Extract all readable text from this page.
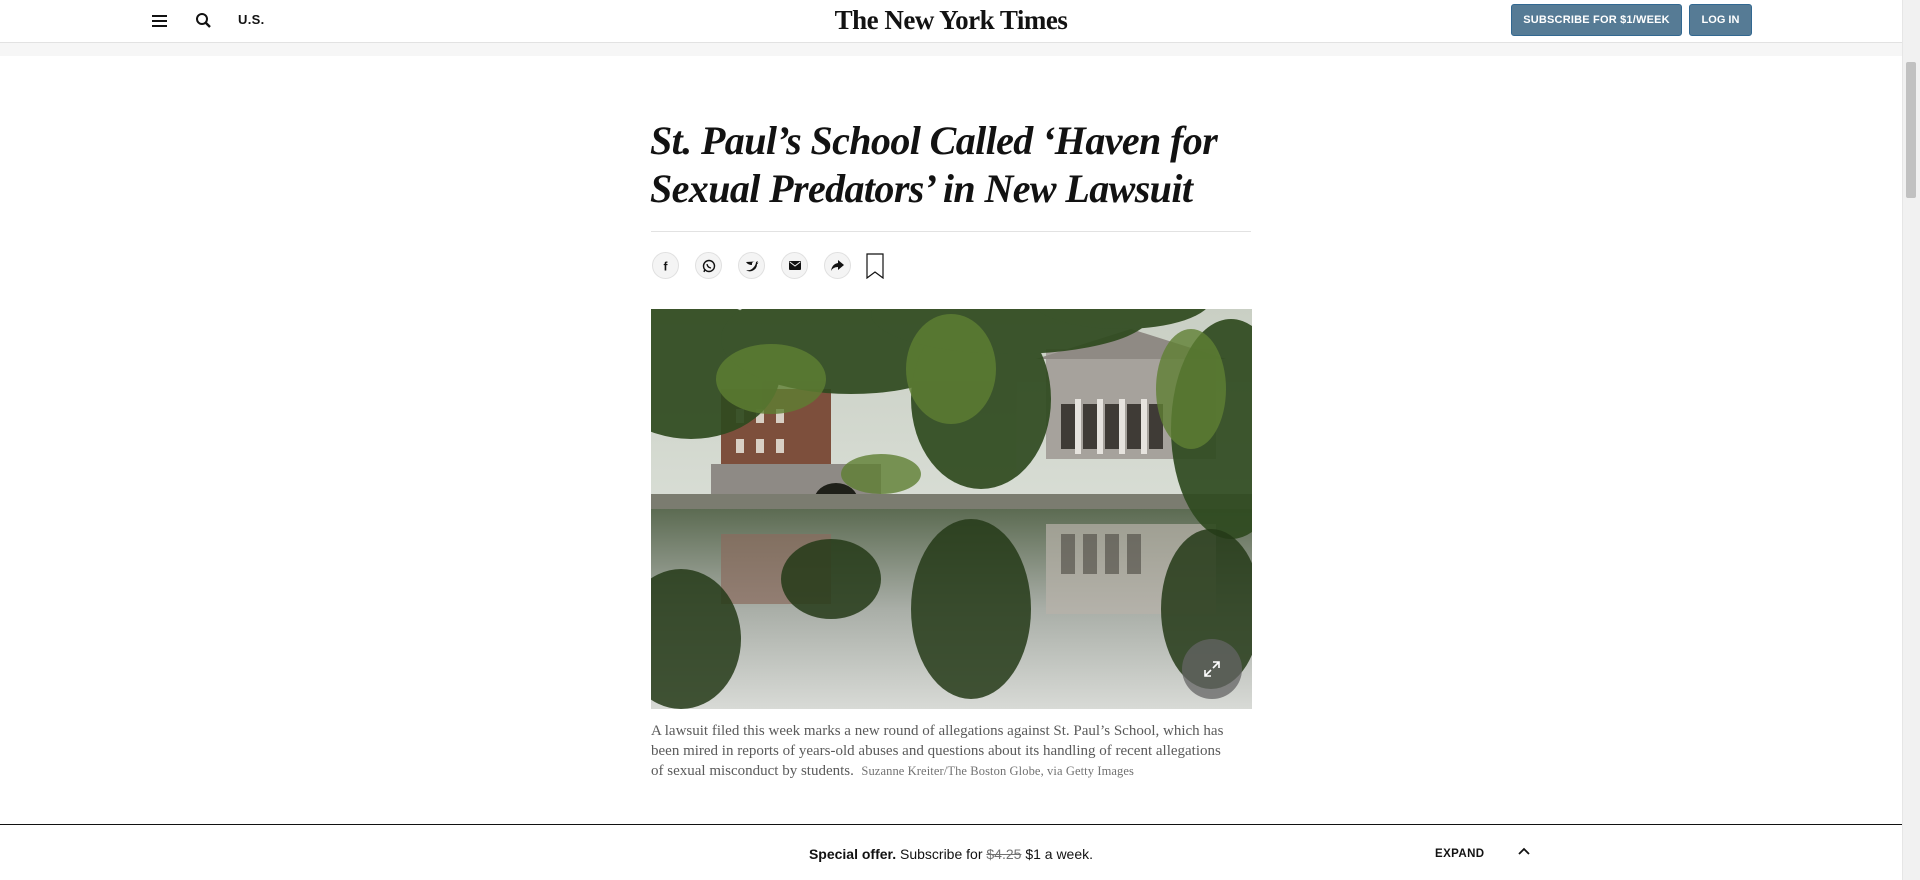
U.S.	The New York Times	SUBSCRIBE FOR $1/WEEK	LOG IN
St. Paul’s School Called ‘Haven for Sexual Predators’ in New Lawsuit
f

A lawsuit filed this week marks a new round of allegations against St. Paul’s School, which has been mired in reports of years-old abuses and questions about its handling of recent allegations of sexual misconduct by students. Suzanne Kreiter/The Boston Globe, via Getty Images

Special offer. Subscribe for $4.25 $1 a week.	EXPAND
